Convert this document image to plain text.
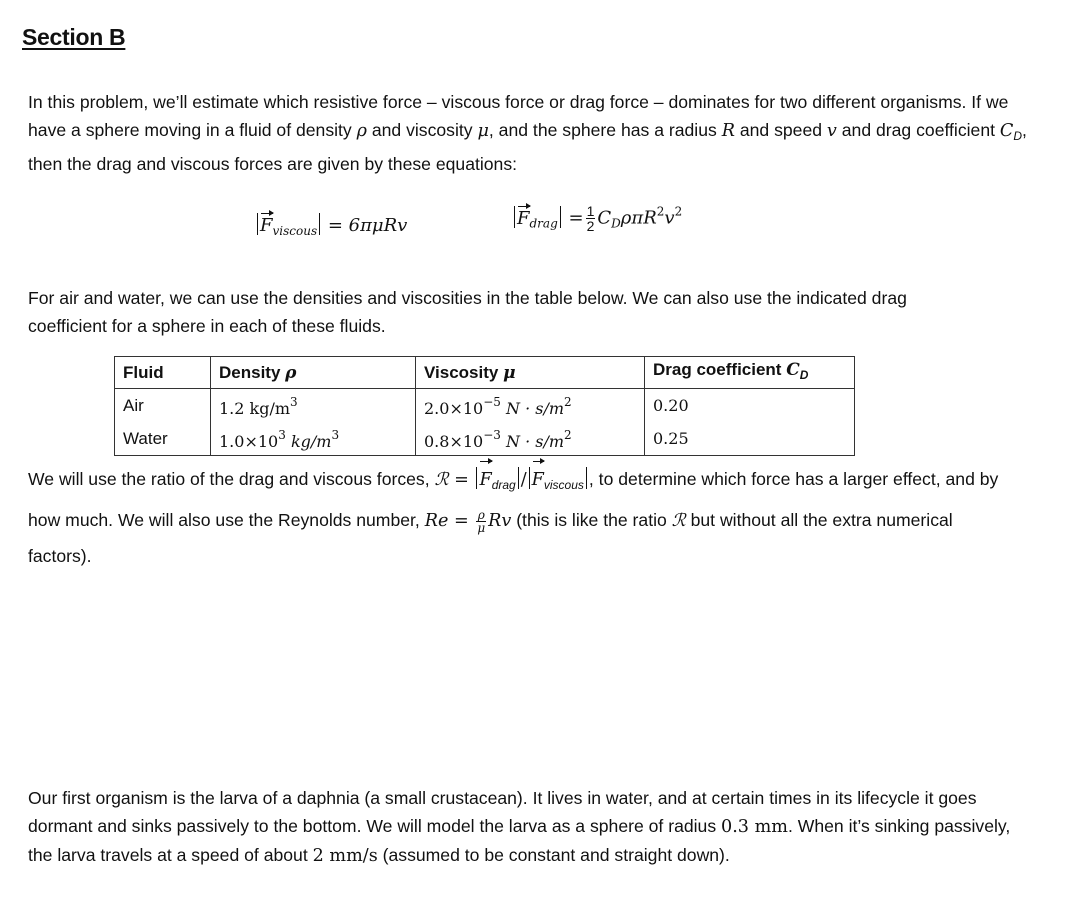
Section B
In this problem, we’ll estimate which resistive force – viscous force or drag force – dominates for two different organisms. If we have a sphere moving in a fluid of density ρ and viscosity μ, and the sphere has a radius R and speed v and drag coefficient $C_D$, then the drag and viscous forces are given by these equations:
$F_{viscous} = 6\pi\mu Rv$	$F_{drag} = \frac{1}{2} C_D\rho\pi R^2v^2$
For air and water, we can use the densities and viscosities in the table below. We can also use the indicated drag coefficient for a sphere in each of these fluids.
Fluid	Density ρ	Viscosity μ	Drag coefficient $C_D$
Air	1.2 $kg/m^3$	$2.0\times 10^{-5}$ $N \cdot s/m^2$	0.20
Water	$1.0\times 10^3$ $kg/m^3$	$0.8\times 10^{-3}$ $N \cdot s/m^2$	0.25
We will use the ratio of the drag and viscous forces, ℛ = $F_{drag} / F_{viscous}$ , to determine which force has a larger effect, and by how much. We will also use the Reynolds number, $Re = \frac{\rho}{\mu}$ Rv (this is like the ratio ℛ but without all the extra numerical factors).
Our first organism is the larva of a daphnia (a small crustacean). It lives in water, and at certain times in its lifecycle it goes dormant and sinks passively to the bottom. We will model the larva as a sphere of radius 0.3 mm. When it’s sinking passively, the larva travels at a speed of about 2 mm/s (assumed to be constant and straight down).
